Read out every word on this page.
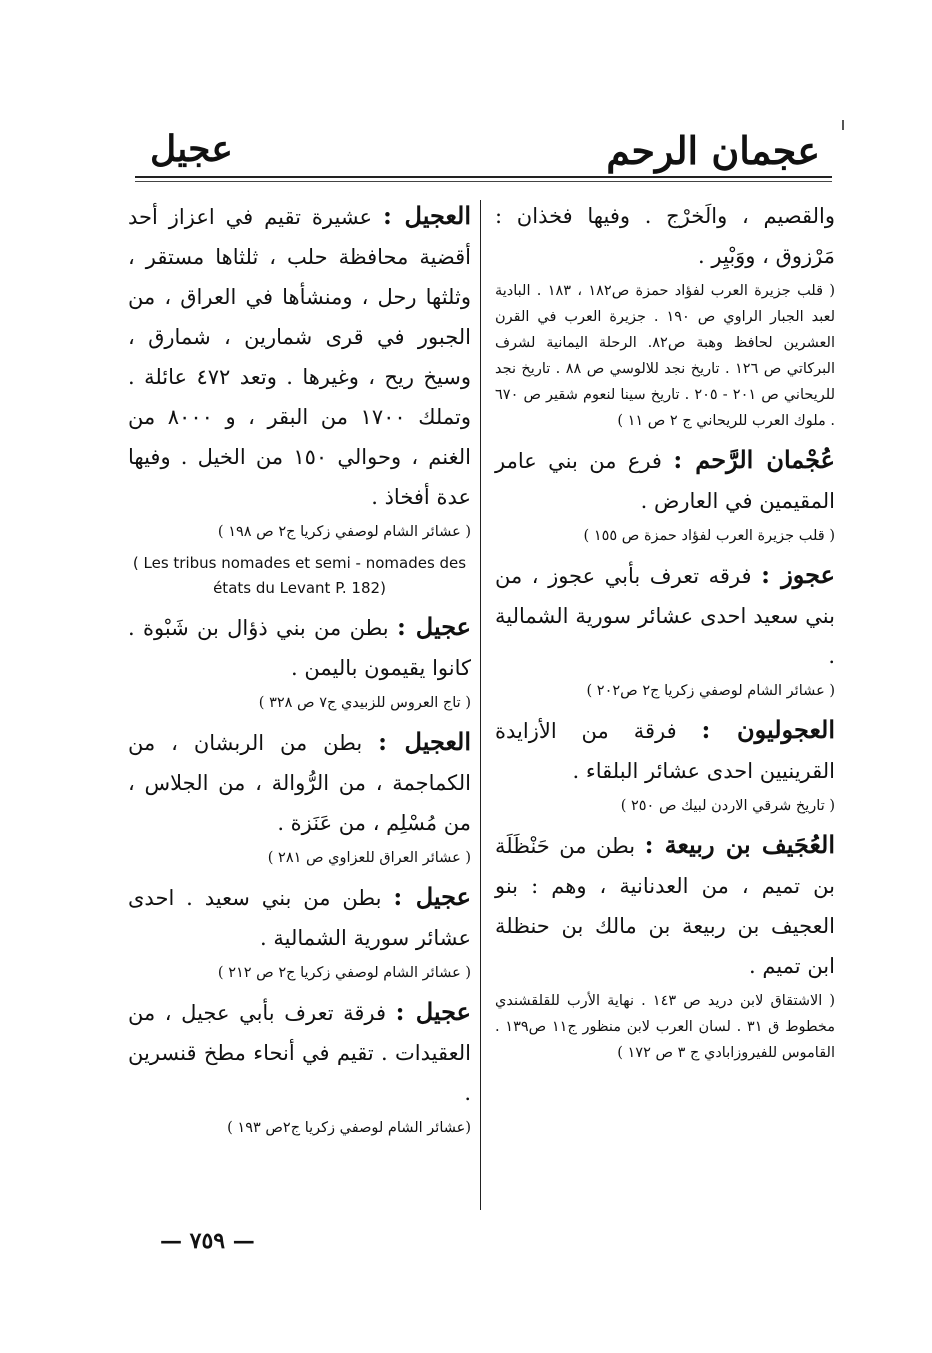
عجمان الرحم
عجيل

والقصيم ، والَخرْج . وفيها فخذان : مَرْزوق ، ووَبْيِر .

( قلب جزيرة العرب لفؤاد حمزة ص١٨٢ ، ١٨٣ . البادية لعبد الجبار الراوي ص ١٩٠ . جزيرة العرب في القرن العشرين لحافظ وهبة ص٨٢. الرحلة اليمانية لشرف البركاتي ص ١٢٦ . تاريخ نجد للالوسي ص ٨٨ . تاريخ نجد للريحاني ص ٢٠١ - ٢٠٥ . تاريخ سينا لنعوم شقير ص ٦٧٠ . ملوك العرب للريحاني ج ٢ ص ١١ )

عُجْمان الرَّحم : فرع من بني عامر المقيمين في العارض .

( قلب جزيرة العرب لفؤاد حمزة ص ١٥٥ )

عجوز : فرقه تعرف بأبي عجوز ، من بني سعيد احدى عشائر سورية الشمالية .

( عشائر الشام لوصفي زكريا ج٢ ص٢٠٢ )

العجوليون : فرقة من الأزايدة القرينيين احدى عشائر البلقاء .

( تاريخ شرقي الاردن لبيك ص ٢٥٠ )

العُجَيف بن ربيعة : بطن من حَنْظَلَة بن تميم ، من العدنانية ، وهم : بنو العجيف بن ربيعة بن مالك بن حنظلة ابن تميم .

( الاشتقاق لابن دريد ص ١٤٣ . نهاية الأرب للقلقشندي مخطوط ق ٣١ . لسان العرب لابن منظور ج١١ ص١٣٩ . القاموس للفيروزابادي ج ٣ ص ١٧٢ )

العجيل : عشيرة تقيم في اعزاز أحد أقضية محافظة حلب ، ثلثاها مستقر ، وثلثها رحل ، ومنشأها في العراق ، من الجبور في قرى شمارين ، شمارق ، وسيخ ريح ، وغيرها . وتعد ٤٧٢ عائلة . وتملك ١٧٠٠ من البقر ، و ٨٠٠٠ من الغنم ، وحوالي ١٥٠ من الخيل . وفيها عدة أفخاذ .

( عشائر الشام لوصفي زكريا ج٢ ص ١٩٨ )

( Les tribus nomades et semi - nomades des états du Levant P. 182)

عجيل : بطن من بني ذؤال بن شَبْوة . كانوا يقيمون باليمن .

( تاج العروس للزبيدي ج٧ ص ٣٢٨ )

العجيل : بطن من الربشان ، من الكماجمة ، من الرُّوالة ، من الجلاس ، من مُسْلِم ، من عَنَزة .

( عشائر العراق للعزاوي ص ٢٨١ )

عجيل : بطن من بني سعيد . احدى عشائر سورية الشمالية .

( عشائر الشام لوصفي زكريا ج٢ ص ٢١٢ )

عجيل : فرقة تعرف بأبي عجيل ، من العقيدات . تقيم في أنحاء مطخ قنسرين .

(عشائر الشام لوصفي زكريا ج٢ص ١٩٣ )

— ٧٥٩ —
